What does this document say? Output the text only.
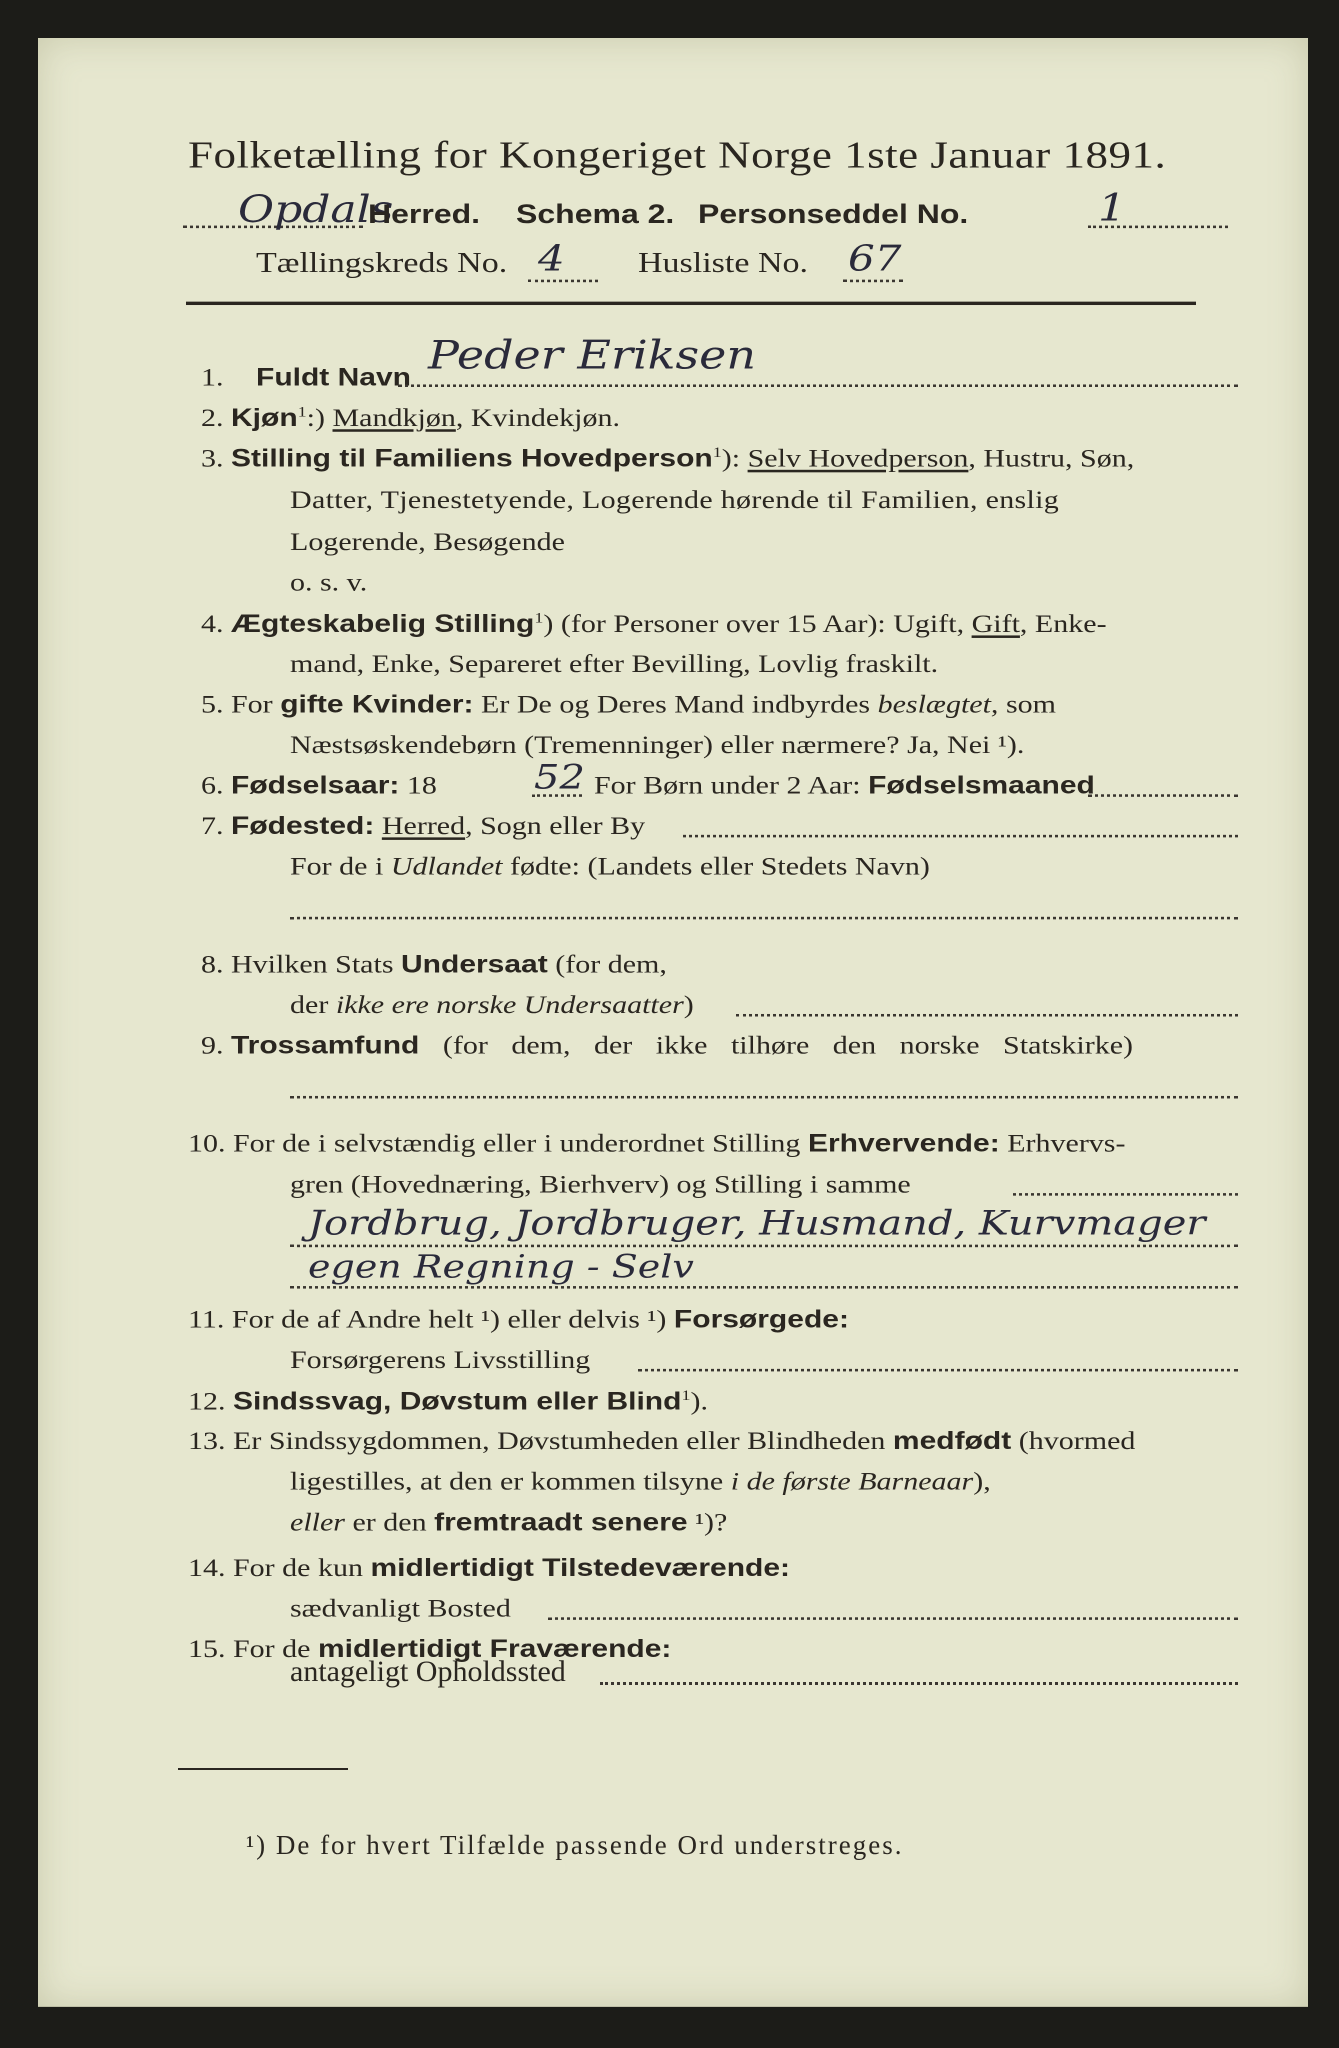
Folketælling for Kongeriget Norge 1ste Januar 1891.
Opdals
Herred. Schema 2. Personseddel No.	1
Tællingskreds No. 4 Husliste No. 67
1. Fuldt Navn Peder Eriksen
2. Kjøn$^1$:) Mandkjøn, Kvindekjøn.
3. Stilling til Familiens Hovedperson$^1$): Selv Hovedperson, Hustru, Søn,
Datter, Tjenestetyende, Logerende hørende til Familien, enslig
Logerende, Besøgende
o. s. v.
4. Ægteskabelig Stilling$^1$) (for Personer over 15 Aar): Ugift, Gift, Enke-
mand, Enke, Separeret efter Bevilling, Lovlig fraskilt.
5. For gifte Kvinder: Er De og Deres Mand indbyrdes beslægtet, som
Næstsøskendebørn (Tremenninger) eller nærmere? Ja, Nei ¹).
6. Fødselsaar: 18 52 For Børn under 2 Aar: Fødselsmaaned
7. Fødested: Herred, Sogn eller By
For de i Udlandet fødte: (Landets eller Stedets Navn)
8. Hvilken Stats Undersaat (for dem,
der ikke ere norske Undersaatter)
9. Trossamfund (for dem, der ikke tilhøre den norske Statskirke)
10. For de i selvstændig eller i underordnet Stilling Erhvervende: Erhvervs-
gren (Hovednæring, Bierhverv) og Stilling i samme
Jordbrug, Jordbruger, Husmand, Kurvmager
egen Regning - Selv
11. For de af Andre helt ¹) eller delvis ¹) Forsørgede:
Forsørgerens Livsstilling
12. Sindssvag, Døvstum eller Blind$^1$).
13. Er Sindssygdommen, Døvstumheden eller Blindheden medfødt (hvormed
ligestilles, at den er kommen tilsyne i de første Barneaar),
eller er den fremtraadt senere ¹)?
14. For de kun midlertidigt Tilstedeværende:
sædvanligt Bosted
15. For de midlertidigt Fraværende:
antageligt Opholdssted
¹) De for hvert Tilfælde passende Ord understreges.
